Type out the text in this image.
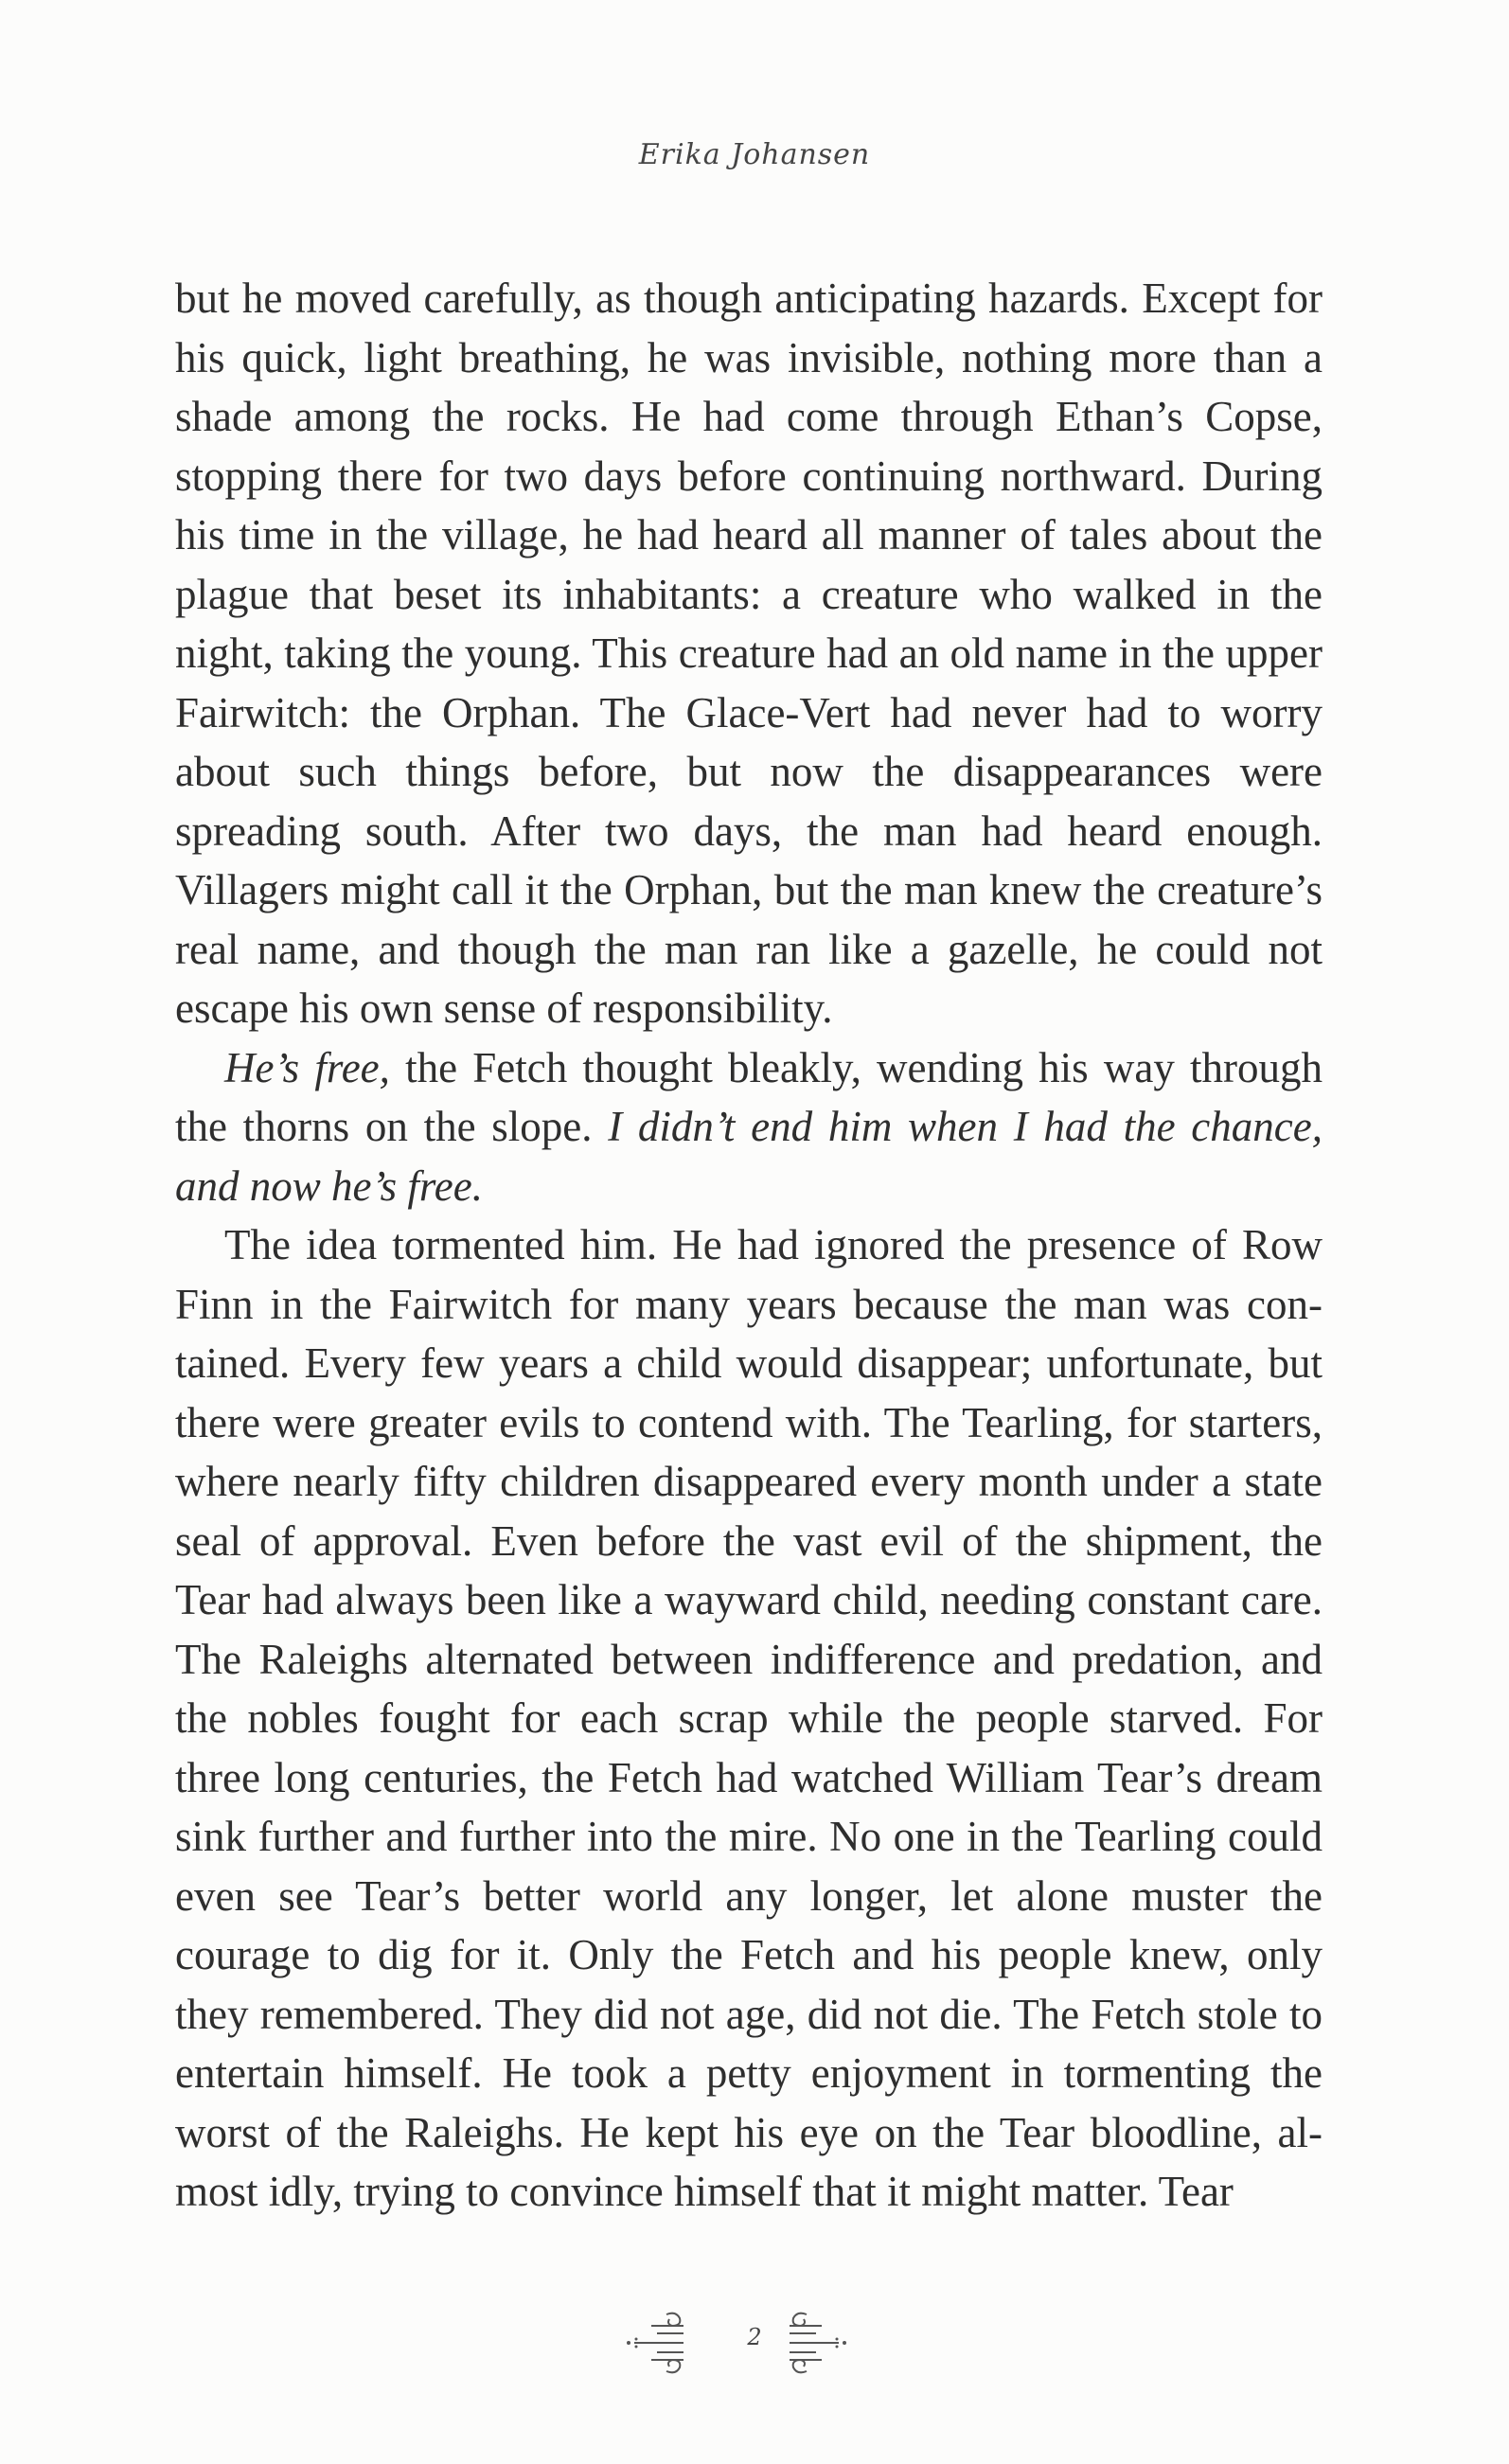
Erika Johansen

but he moved carefully, as though anticipating hazards. Except for his quick, light breathing, he was invisible, nothing more than a shade among the rocks. He had come through Ethan’s Copse, stopping there for two days before continuing northward. During his time in the village, he had heard all manner of tales about the plague that beset its inhabitants: a creature who walked in the night, taking the young. This creature had an old name in the upper Fairwitch: the Orphan. The Glace-Vert had never had to worry about such things before, but now the disappearances were spreading south. After two days, the man had heard enough. Villagers might call it the Orphan, but the man knew the creature’s real name, and though the man ran like a gazelle, he could not escape his own sense of responsibility.

He’s free, the Fetch thought bleakly, wending his way through the thorns on the slope. I didn’t end him when I had the chance, and now he’s free.

The idea tormented him. He had ignored the presence of Row Finn in the Fairwitch for many years because the man was contained. Every few years a child would disappear; unfortunate, but there were greater evils to contend with. The Tearling, for starters, where nearly fifty children disappeared every month under a state seal of approval. Even before the vast evil of the shipment, the Tear had always been like a wayward child, needing constant care. The Raleighs alternated between indifference and predation, and the nobles fought for each scrap while the people starved. For three long centuries, the Fetch had watched William Tear’s dream sink further and further into the mire. No one in the Tearling could even see Tear’s better world any longer, let alone muster the courage to dig for it. Only the Fetch and his people knew, only they remembered. They did not age, did not die. The Fetch stole to entertain himself. He took a petty enjoyment in tormenting the worst of the Raleighs. He kept his eye on the Tear bloodline, almost idly, trying to convince himself that it might matter. Tear

2
